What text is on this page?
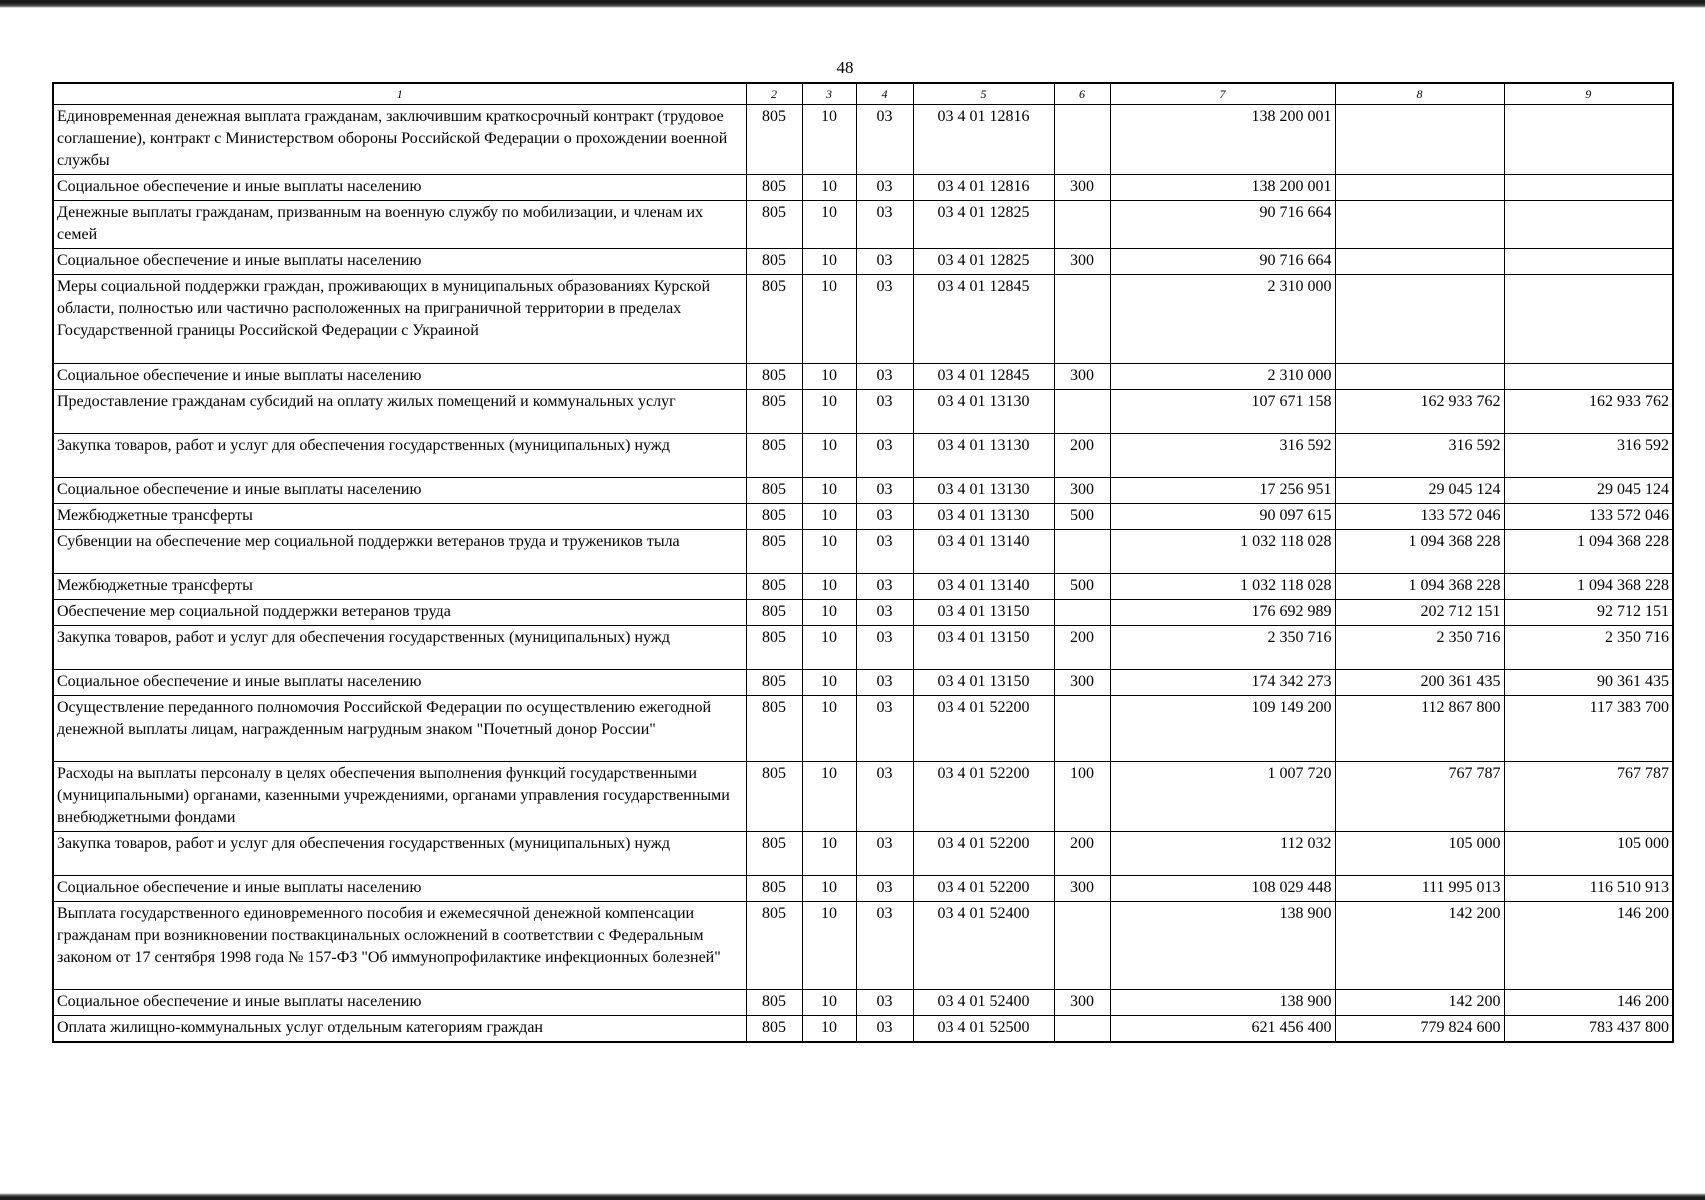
48
1	2	3	4	5	6	7	8	9
Единовременная денежная выплата гражданам, заключившим краткосрочный контракт (трудовое соглашение), контракт с Министерством обороны Российской Федерации о прохождении военной службы	805	10	03	03 4 01 12816		138 200 001		
Социальное обеспечение и иные выплаты населению	805	10	03	03 4 01 12816	300	138 200 001		
Денежные выплаты гражданам, призванным на военную службу по мобилизации, и членам их семей	805	10	03	03 4 01 12825		90 716 664		
Социальное обеспечение и иные выплаты населению	805	10	03	03 4 01 12825	300	90 716 664		
Меры социальной поддержки граждан, проживающих в муниципальных образованиях Курской области, полностью или частично расположенных на приграничной территории в пределах Государственной границы Российской Федерации с Украиной	805	10	03	03 4 01 12845		2 310 000		
Социальное обеспечение и иные выплаты населению	805	10	03	03 4 01 12845	300	2 310 000		
Предоставление гражданам субсидий на оплату жилых помещений и коммунальных услуг	805	10	03	03 4 01 13130		107 671 158	162 933 762	162 933 762
Закупка товаров, работ и услуг для обеспечения государственных (муниципальных) нужд	805	10	03	03 4 01 13130	200	316 592	316 592	316 592
Социальное обеспечение и иные выплаты населению	805	10	03	03 4 01 13130	300	17 256 951	29 045 124	29 045 124
Межбюджетные трансферты	805	10	03	03 4 01 13130	500	90 097 615	133 572 046	133 572 046
Субвенции на обеспечение мер социальной поддержки ветеранов труда и тружеников тыла	805	10	03	03 4 01 13140		1 032 118 028	1 094 368 228	1 094 368 228
Межбюджетные трансферты	805	10	03	03 4 01 13140	500	1 032 118 028	1 094 368 228	1 094 368 228
Обеспечение мер социальной поддержки ветеранов труда	805	10	03	03 4 01 13150		176 692 989	202 712 151	92 712 151
Закупка товаров, работ и услуг для обеспечения государственных (муниципальных) нужд	805	10	03	03 4 01 13150	200	2 350 716	2 350 716	2 350 716
Социальное обеспечение и иные выплаты населению	805	10	03	03 4 01 13150	300	174 342 273	200 361 435	90 361 435
Осуществление переданного полномочия Российской Федерации по осуществлению ежегодной денежной выплаты лицам, награжденным нагрудным знаком "Почетный донор России"	805	10	03	03 4 01 52200		109 149 200	112 867 800	117 383 700
Расходы на выплаты персоналу в целях обеспечения выполнения функций государственными (муниципальными) органами, казенными учреждениями, органами управления государственными внебюджетными фондами	805	10	03	03 4 01 52200	100	1 007 720	767 787	767 787
Закупка товаров, работ и услуг для обеспечения государственных (муниципальных) нужд	805	10	03	03 4 01 52200	200	112 032	105 000	105 000
Социальное обеспечение и иные выплаты населению	805	10	03	03 4 01 52200	300	108 029 448	111 995 013	116 510 913
Выплата государственного единовременного пособия и ежемесячной денежной компенсации гражданам при возникновении поствакцинальных осложнений в соответствии с Федеральным законом от 17 сентября 1998 года № 157-ФЗ "Об иммунопрофилактике инфекционных болезней"	805	10	03	03 4 01 52400		138 900	142 200	146 200
Социальное обеспечение и иные выплаты населению	805	10	03	03 4 01 52400	300	138 900	142 200	146 200
Оплата жилищно-коммунальных услуг отдельным категориям граждан	805	10	03	03 4 01 52500		621 456 400	779 824 600	783 437 800
